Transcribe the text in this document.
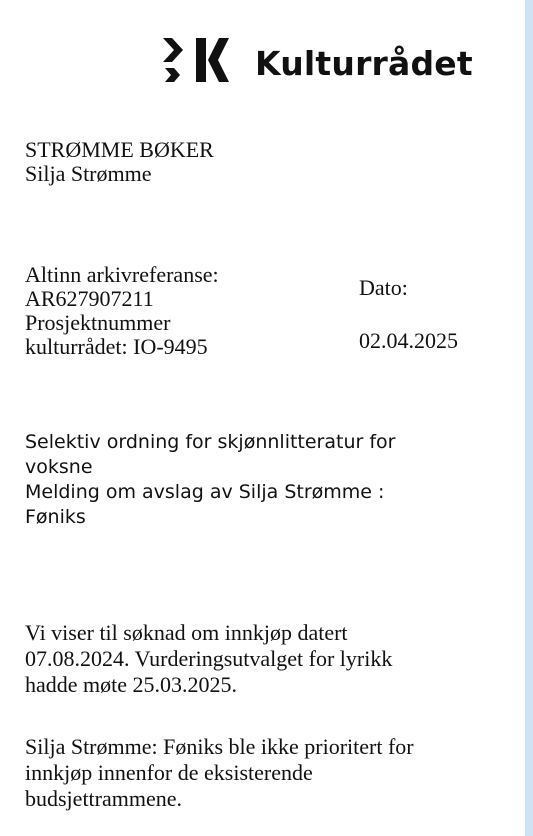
Kulturrådet
STRØMME BØKER
Silja Strømme
Altinn arkivreferanse:
AR627907211
Prosjektnummer
kulturrådet: IO-9495
Dato:
02.04.2025
Selektiv ordning for skjønnlitteratur for
voksne
Melding om avslag av Silja Strømme :
Føniks
Vi viser til søknad om innkjøp datert
07.08.2024. Vurderingsutvalget for lyrikk
hadde møte 25.03.2025.
Silja Strømme: Føniks ble ikke prioritert for
innkjøp innenfor de eksisterende
budsjettrammene.
